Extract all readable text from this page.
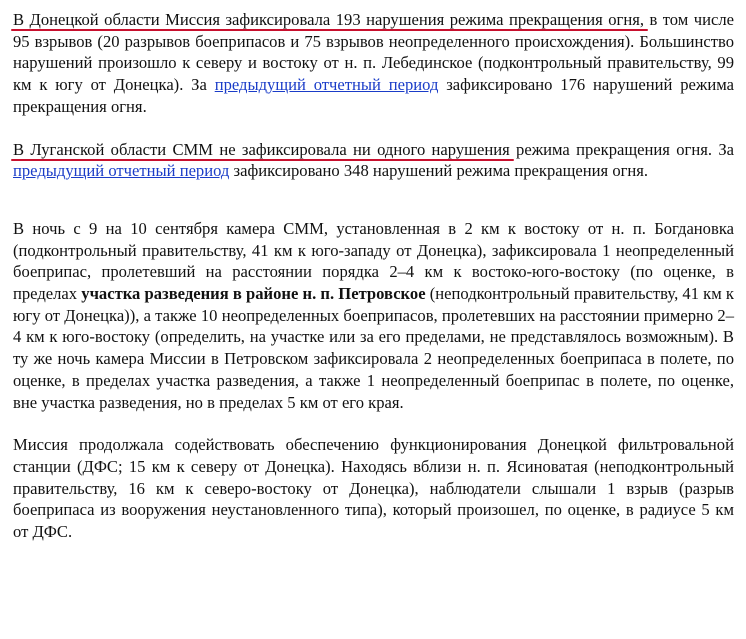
В Донецкой области Миссия зафиксировала 193 нарушения режима прекращения огня, в том числе 95 взрывов (20 разрывов боеприпасов и 75 взрывов неопределенного происхождения). Большинство нарушений произошло к северу и востоку от н. п. Лебединское (подконтрольный правительству, 99 км к югу от Донецка). За предыдущий отчетный период зафиксировано 176 нарушений режима прекращения огня.

В Луганской области СММ не зафиксировала ни одного нарушения режима прекращения огня. За предыдущий отчетный период зафиксировано 348 нарушений режима прекращения огня.

В ночь с 9 на 10 сентября камера СММ, установленная в 2 км к востоку от н. п. Богдановка (подконтрольный правительству, 41 км к юго-западу от Донецка), зафиксировала 1 неопределенный боеприпас, пролетевший на расстоянии порядка 2–4 км к востоко-юго-востоку (по оценке, в пределах участка разведения в районе н. п. Петровское (неподконтрольный правительству, 41 км к югу от Донецка)), а также 10 неопределенных боеприпасов, пролетевших на расстоянии примерно 2–4 км к юго-востоку (определить, на участке или за его пределами, не представлялось возможным). В ту же ночь камера Миссии в Петровском зафиксировала 2 неопределенных боеприпаса в полете, по оценке, в пределах участка разведения, а также 1 неопределенный боеприпас в полете, по оценке, вне участка разведения, но в пределах 5 км от его края.

Миссия продолжала содействовать обеспечению функционирования Донецкой фильтровальной станции (ДФС; 15 км к северу от Донецка). Находясь вблизи н. п. Ясиноватая (неподконтрольный правительству, 16 км к северо-востоку от Донецка), наблюдатели слышали 1 взрыв (разрыв боеприпаса из вооружения неустановленного типа), который произошел, по оценке, в радиусе 5 км от ДФС.
